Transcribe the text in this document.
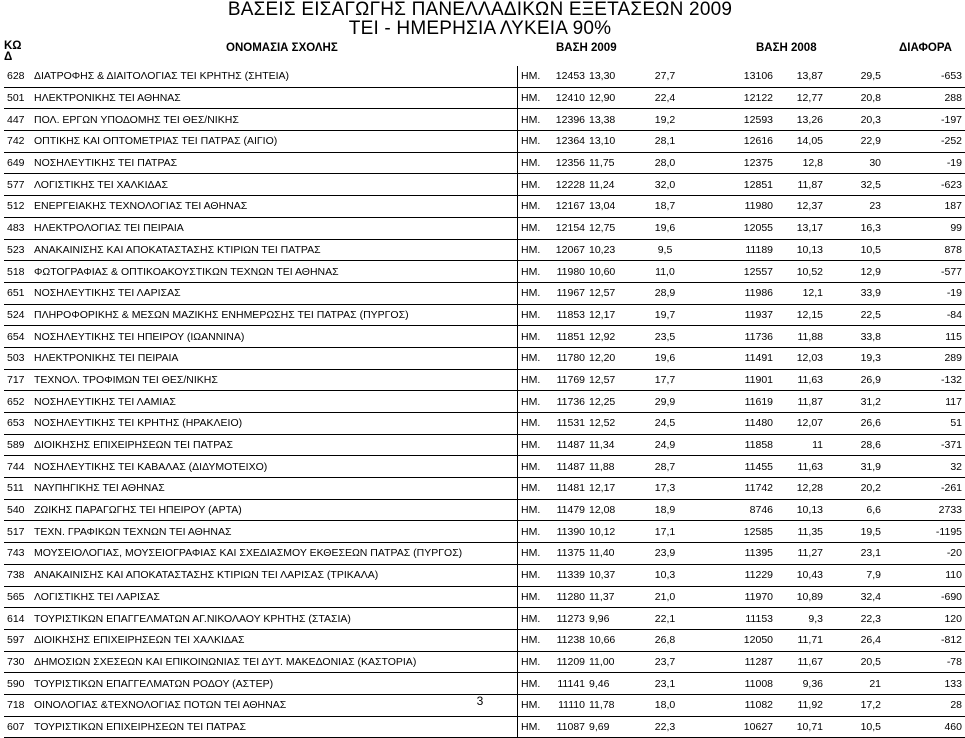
ΒΑΣΕΙΣ ΕΙΣΑΓΩΓΗΣ ΠΑΝΕΛΛΑΔΙΚΩΝ ΕΞΕΤΑΣΕΩΝ 2009
TEI - ΗΜΕΡΗΣΙΑ ΛΥΚΕΙΑ 90%
ΚΩ
Δ
ΟΝΟΜΑΣΙΑ ΣΧΟΛΗΣ	ΒΑΣΗ 2009	ΒΑΣΗ 2008	ΔΙΑΦΟΡΑ
628	ΔΙΑΤΡΟΦΗΣ & ΔΙΑΙΤΟΛΟΓΙΑΣ ΤΕΙ ΚΡΗΤΗΣ (ΣΗΤΕΙΑ)	ΗΜ.	12453	13,30	27,7	13106	13,87	29,5	-653
501	ΗΛΕΚΤΡΟΝΙΚΗΣ ΤΕΙ ΑΘΗΝΑΣ	ΗΜ.	12410	12,90	22,4	12122	12,77	20,8	288
447	ΠΟΛ. ΕΡΓΩΝ ΥΠΟΔΟΜΗΣ ΤΕΙ ΘΕΣ/ΝΙΚΗΣ	ΗΜ.	12396	13,38	19,2	12593	13,26	20,3	-197
742	ΟΠΤΙΚΗΣ ΚΑΙ ΟΠΤΟΜΕΤΡΙΑΣ ΤΕΙ ΠΑΤΡΑΣ (ΑΙΓΙΟ)	ΗΜ.	12364	13,10	28,1	12616	14,05	22,9	-252
649	ΝΟΣΗΛΕΥΤΙΚΗΣ ΤΕΙ ΠΑΤΡΑΣ	ΗΜ.	12356	11,75	28,0	12375	12,8	30	-19
577	ΛΟΓΙΣΤΙΚΗΣ ΤΕΙ ΧΑΛΚΙΔΑΣ	ΗΜ.	12228	11,24	32,0	12851	11,87	32,5	-623
512	ΕΝΕΡΓΕΙΑΚΗΣ ΤΕΧΝΟΛΟΓΙΑΣ ΤΕΙ ΑΘΗΝΑΣ	ΗΜ.	12167	13,04	18,7	11980	12,37	23	187
483	ΗΛΕΚΤΡΟΛΟΓΙΑΣ ΤΕΙ ΠΕΙΡΑΙΑ	ΗΜ.	12154	12,75	19,6	12055	13,17	16,3	99
523	ΑΝΑΚΑΙΝΙΣΗΣ ΚΑΙ ΑΠΟΚΑΤΑΣΤΑΣΗΣ ΚΤΙΡΙΩΝ ΤΕΙ ΠΑΤΡΑΣ	ΗΜ.	12067	10,23	9,5	11189	10,13	10,5	878
518	ΦΩΤΟΓΡΑΦΙΑΣ & ΟΠΤΙΚΟΑΚΟΥΣΤΙΚΩΝ ΤΕΧΝΩΝ ΤΕΙ ΑΘΗΝΑΣ	ΗΜ.	11980	10,60	11,0	12557	10,52	12,9	-577
651	ΝΟΣΗΛΕΥΤΙΚΗΣ ΤΕΙ ΛΑΡΙΣΑΣ	ΗΜ.	11967	12,57	28,9	11986	12,1	33,9	-19
524	ΠΛΗΡΟΦΟΡΙΚΗΣ & ΜΕΣΩΝ ΜΑΖΙΚΗΣ ΕΝΗΜΕΡΩΣΗΣ ΤΕΙ ΠΑΤΡΑΣ (ΠΥΡΓΟΣ)	ΗΜ.	11853	12,17	19,7	11937	12,15	22,5	-84
654	ΝΟΣΗΛΕΥΤΙΚΗΣ ΤΕΙ ΗΠΕΙΡΟΥ (ΙΩΑΝΝΙΝΑ)	ΗΜ.	11851	12,92	23,5	11736	11,88	33,8	115
503	ΗΛΕΚΤΡΟΝΙΚΗΣ ΤΕΙ ΠΕΙΡΑΙΑ	ΗΜ.	11780	12,20	19,6	11491	12,03	19,3	289
717	ΤΕΧΝΟΛ. ΤΡΟΦΙΜΩΝ ΤΕΙ ΘΕΣ/ΝΙΚΗΣ	ΗΜ.	11769	12,57	17,7	11901	11,63	26,9	-132
652	ΝΟΣΗΛΕΥΤΙΚΗΣ ΤΕΙ ΛΑΜΙΑΣ	ΗΜ.	11736	12,25	29,9	11619	11,87	31,2	117
653	ΝΟΣΗΛΕΥΤΙΚΗΣ ΤΕΙ ΚΡΗΤΗΣ (ΗΡΑΚΛΕΙΟ)	ΗΜ.	11531	12,52	24,5	11480	12,07	26,6	51
589	ΔΙΟΙΚΗΣΗΣ ΕΠΙΧΕΙΡΗΣΕΩΝ ΤΕΙ ΠΑΤΡΑΣ	ΗΜ.	11487	11,34	24,9	11858	11	28,6	-371
744	ΝΟΣΗΛΕΥΤΙΚΗΣ ΤΕΙ ΚΑΒΑΛΑΣ (ΔΙΔΥΜΟΤΕΙΧΟ)	ΗΜ.	11487	11,88	28,7	11455	11,63	31,9	32
511	ΝΑΥΠΗΓΙΚΗΣ ΤΕΙ ΑΘΗΝΑΣ	ΗΜ.	11481	12,17	17,3	11742	12,28	20,2	-261
540	ΖΩΙΚΗΣ ΠΑΡΑΓΩΓΗΣ ΤΕΙ ΗΠΕΙΡΟΥ (ΑΡΤΑ)	ΗΜ.	11479	12,08	18,9	8746	10,13	6,6	2733
517	ΤΕΧΝ. ΓΡΑΦΙΚΩΝ ΤΕΧΝΩΝ ΤΕΙ ΑΘΗΝΑΣ	ΗΜ.	11390	10,12	17,1	12585	11,35	19,5	-1195
743	ΜΟΥΣΕΙΟΛΟΓΙΑΣ, ΜΟΥΣΕΙΟΓΡΑΦΙΑΣ ΚΑΙ ΣΧΕΔΙΑΣΜΟΥ ΕΚΘΕΣΕΩΝ ΠΑΤΡΑΣ (ΠΥΡΓΟΣ)	ΗΜ.	11375	11,40	23,9	11395	11,27	23,1	-20
738	ΑΝΑΚΑΙΝΙΣΗΣ ΚΑΙ ΑΠΟΚΑΤΑΣΤΑΣΗΣ ΚΤΙΡΙΩΝ ΤΕΙ ΛΑΡΙΣΑΣ (ΤΡΙΚΑΛΑ)	ΗΜ.	11339	10,37	10,3	11229	10,43	7,9	110
565	ΛΟΓΙΣΤΙΚΗΣ ΤΕΙ ΛΑΡΙΣΑΣ	ΗΜ.	11280	11,37	21,0	11970	10,89	32,4	-690
614	ΤΟΥΡΙΣΤΙΚΩΝ ΕΠΑΓΓΕΛΜΑΤΩΝ ΑΓ.ΝΙΚΟΛΑΟΥ ΚΡΗΤΗΣ (ΣΤΑΣΙΑ)	ΗΜ.	11273	9,96	22,1	11153	9,3	22,3	120
597	ΔΙΟΙΚΗΣΗΣ ΕΠΙΧΕΙΡΗΣΕΩΝ ΤΕΙ ΧΑΛΚΙΔΑΣ	ΗΜ.	11238	10,66	26,8	12050	11,71	26,4	-812
730	ΔΗΜΟΣΙΩΝ ΣΧΕΣΕΩΝ ΚΑΙ ΕΠΙΚΟΙΝΩΝΙΑΣ ΤΕΙ ΔΥΤ. ΜΑΚΕΔΟΝΙΑΣ (ΚΑΣΤΟΡΙΑ)	ΗΜ.	11209	11,00	23,7	11287	11,67	20,5	-78
590	ΤΟΥΡΙΣΤΙΚΩΝ ΕΠΑΓΓΕΛΜΑΤΩΝ ΡΟΔΟΥ (ΑΣΤΕΡ)	ΗΜ.	11141	9,46	23,1	11008	9,36	21	133
718	ΟΙΝΟΛΟΓΙΑΣ &ΤΕΧΝΟΛΟΓΙΑΣ ΠΟΤΩΝ ΤΕΙ ΑΘΗΝΑΣ	ΗΜ.	11110	11,78	18,0	11082	11,92	17,2	28
607	ΤΟΥΡΙΣΤΙΚΩΝ ΕΠΙΧΕΙΡΗΣΕΩΝ ΤΕΙ ΠΑΤΡΑΣ	ΗΜ.	11087	9,69	22,3	10627	10,71	10,5	460
3
